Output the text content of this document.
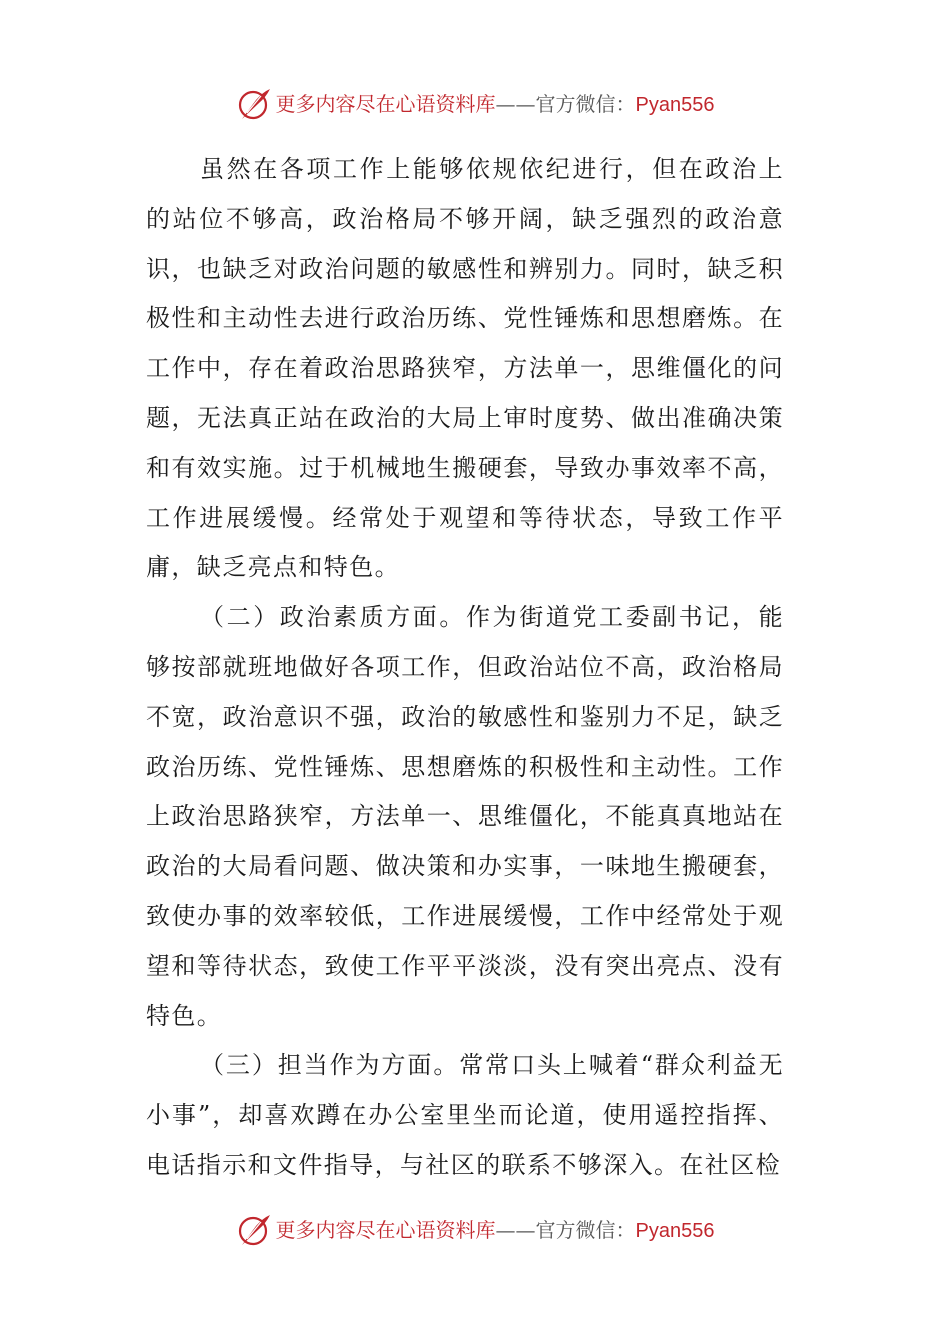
更多内容尽在心语资料库——官方微信：Pyan556

虽然在各项工作上能够依规依纪进行，但在政治上的站位不够高，政治格局不够开阔，缺乏强烈的政治意识，也缺乏对政治问题的敏感性和辨别力。同时，缺乏积极性和主动性去进行政治历练、党性锤炼和思想磨炼。在工作中，存在着政治思路狭窄，方法单一，思维僵化的问题，无法真正站在政治的大局上审时度势、做出准确决策和有效实施。过于机械地生搬硬套，导致办事效率不高，工作进展缓慢。经常处于观望和等待状态，导致工作平庸，缺乏亮点和特色。

（二）政治素质方面。作为街道党工委副书记，能够按部就班地做好各项工作，但政治站位不高，政治格局不宽，政治意识不强，政治的敏感性和鉴别力不足，缺乏政治历练、党性锤炼、思想磨炼的积极性和主动性。工作上政治思路狭窄，方法单一、思维僵化，不能真真地站在政治的大局看问题、做决策和办实事，一味地生搬硬套，致使办事的效率较低，工作进展缓慢，工作中经常处于观望和等待状态，致使工作平平淡淡，没有突出亮点、没有特色。

（三）担当作为方面。常常口头上喊着“群众利益无小事”，却喜欢蹲在办公室里坐而论道，使用遥控指挥、电话指示和文件指导，与社区的联系不够深入。在社区检

更多内容尽在心语资料库——官方微信：Pyan556
